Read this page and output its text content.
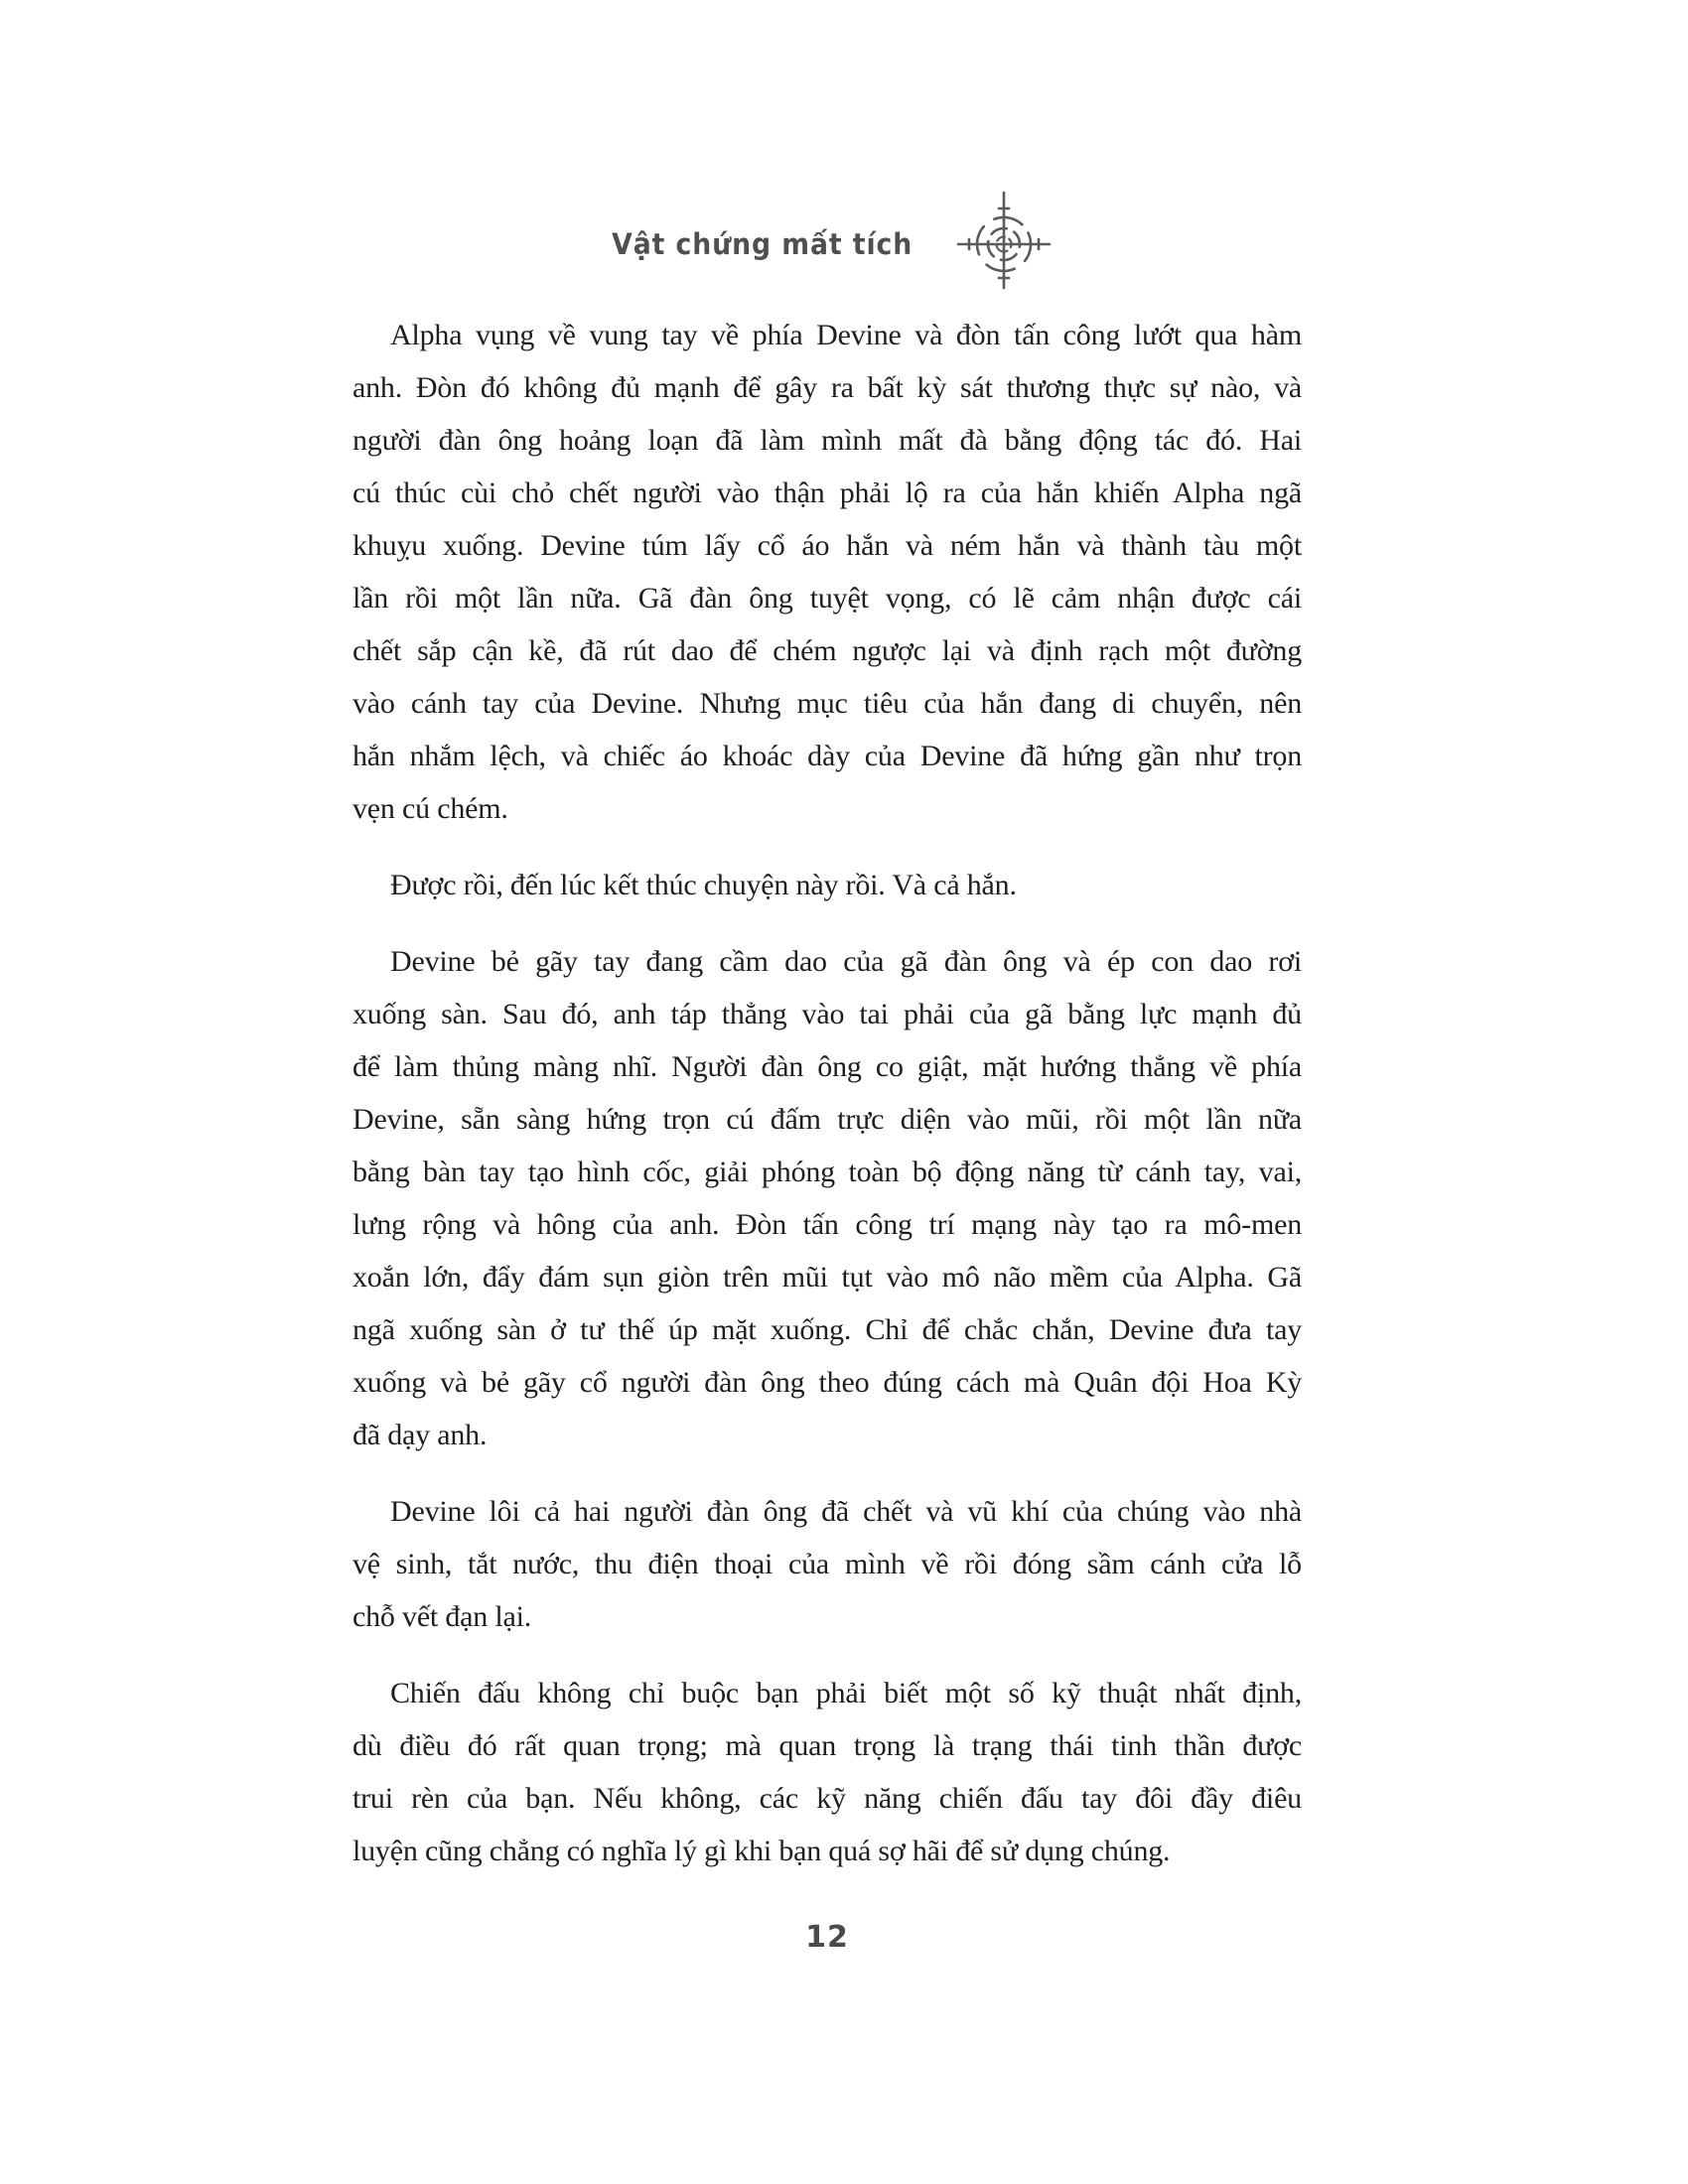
Vật chứng mất tích
Alpha vụng về vung tay về phía Devine và đòn tấn công lướt qua hàm
anh. Đòn đó không đủ mạnh để gây ra bất kỳ sát thương thực sự nào, và
người đàn ông hoảng loạn đã làm mình mất đà bằng động tác đó. Hai
cú thúc cùi chỏ chết người vào thận phải lộ ra của hắn khiến Alpha ngã
khuỵu xuống. Devine túm lấy cổ áo hắn và ném hắn và thành tàu một
lần rồi một lần nữa. Gã đàn ông tuyệt vọng, có lẽ cảm nhận được cái
chết sắp cận kề, đã rút dao để chém ngược lại và định rạch một đường
vào cánh tay của Devine. Nhưng mục tiêu của hắn đang di chuyển, nên
hắn nhắm lệch, và chiếc áo khoác dày của Devine đã hứng gần như trọn
vẹn cú chém.
Được rồi, đến lúc kết thúc chuyện này rồi. Và cả hắn.
Devine bẻ gãy tay đang cầm dao của gã đàn ông và ép con dao rơi
xuống sàn. Sau đó, anh táp thẳng vào tai phải của gã bằng lực mạnh đủ
để làm thủng màng nhĩ. Người đàn ông co giật, mặt hướng thẳng về phía
Devine, sẵn sàng hứng trọn cú đấm trực diện vào mũi, rồi một lần nữa
bằng bàn tay tạo hình cốc, giải phóng toàn bộ động năng từ cánh tay, vai,
lưng rộng và hông của anh. Đòn tấn công trí mạng này tạo ra mô-men
xoắn lớn, đẩy đám sụn giòn trên mũi tụt vào mô não mềm của Alpha. Gã
ngã xuống sàn ở tư thế úp mặt xuống. Chỉ để chắc chắn, Devine đưa tay
xuống và bẻ gãy cổ người đàn ông theo đúng cách mà Quân đội Hoa Kỳ
đã dạy anh.
Devine lôi cả hai người đàn ông đã chết và vũ khí của chúng vào nhà
vệ sinh, tắt nước, thu điện thoại của mình về rồi đóng sầm cánh cửa lỗ
chỗ vết đạn lại.
Chiến đấu không chỉ buộc bạn phải biết một số kỹ thuật nhất định,
dù điều đó rất quan trọng; mà quan trọng là trạng thái tinh thần được
trui rèn của bạn. Nếu không, các kỹ năng chiến đấu tay đôi đầy điêu
luyện cũng chẳng có nghĩa lý gì khi bạn quá sợ hãi để sử dụng chúng.
12
